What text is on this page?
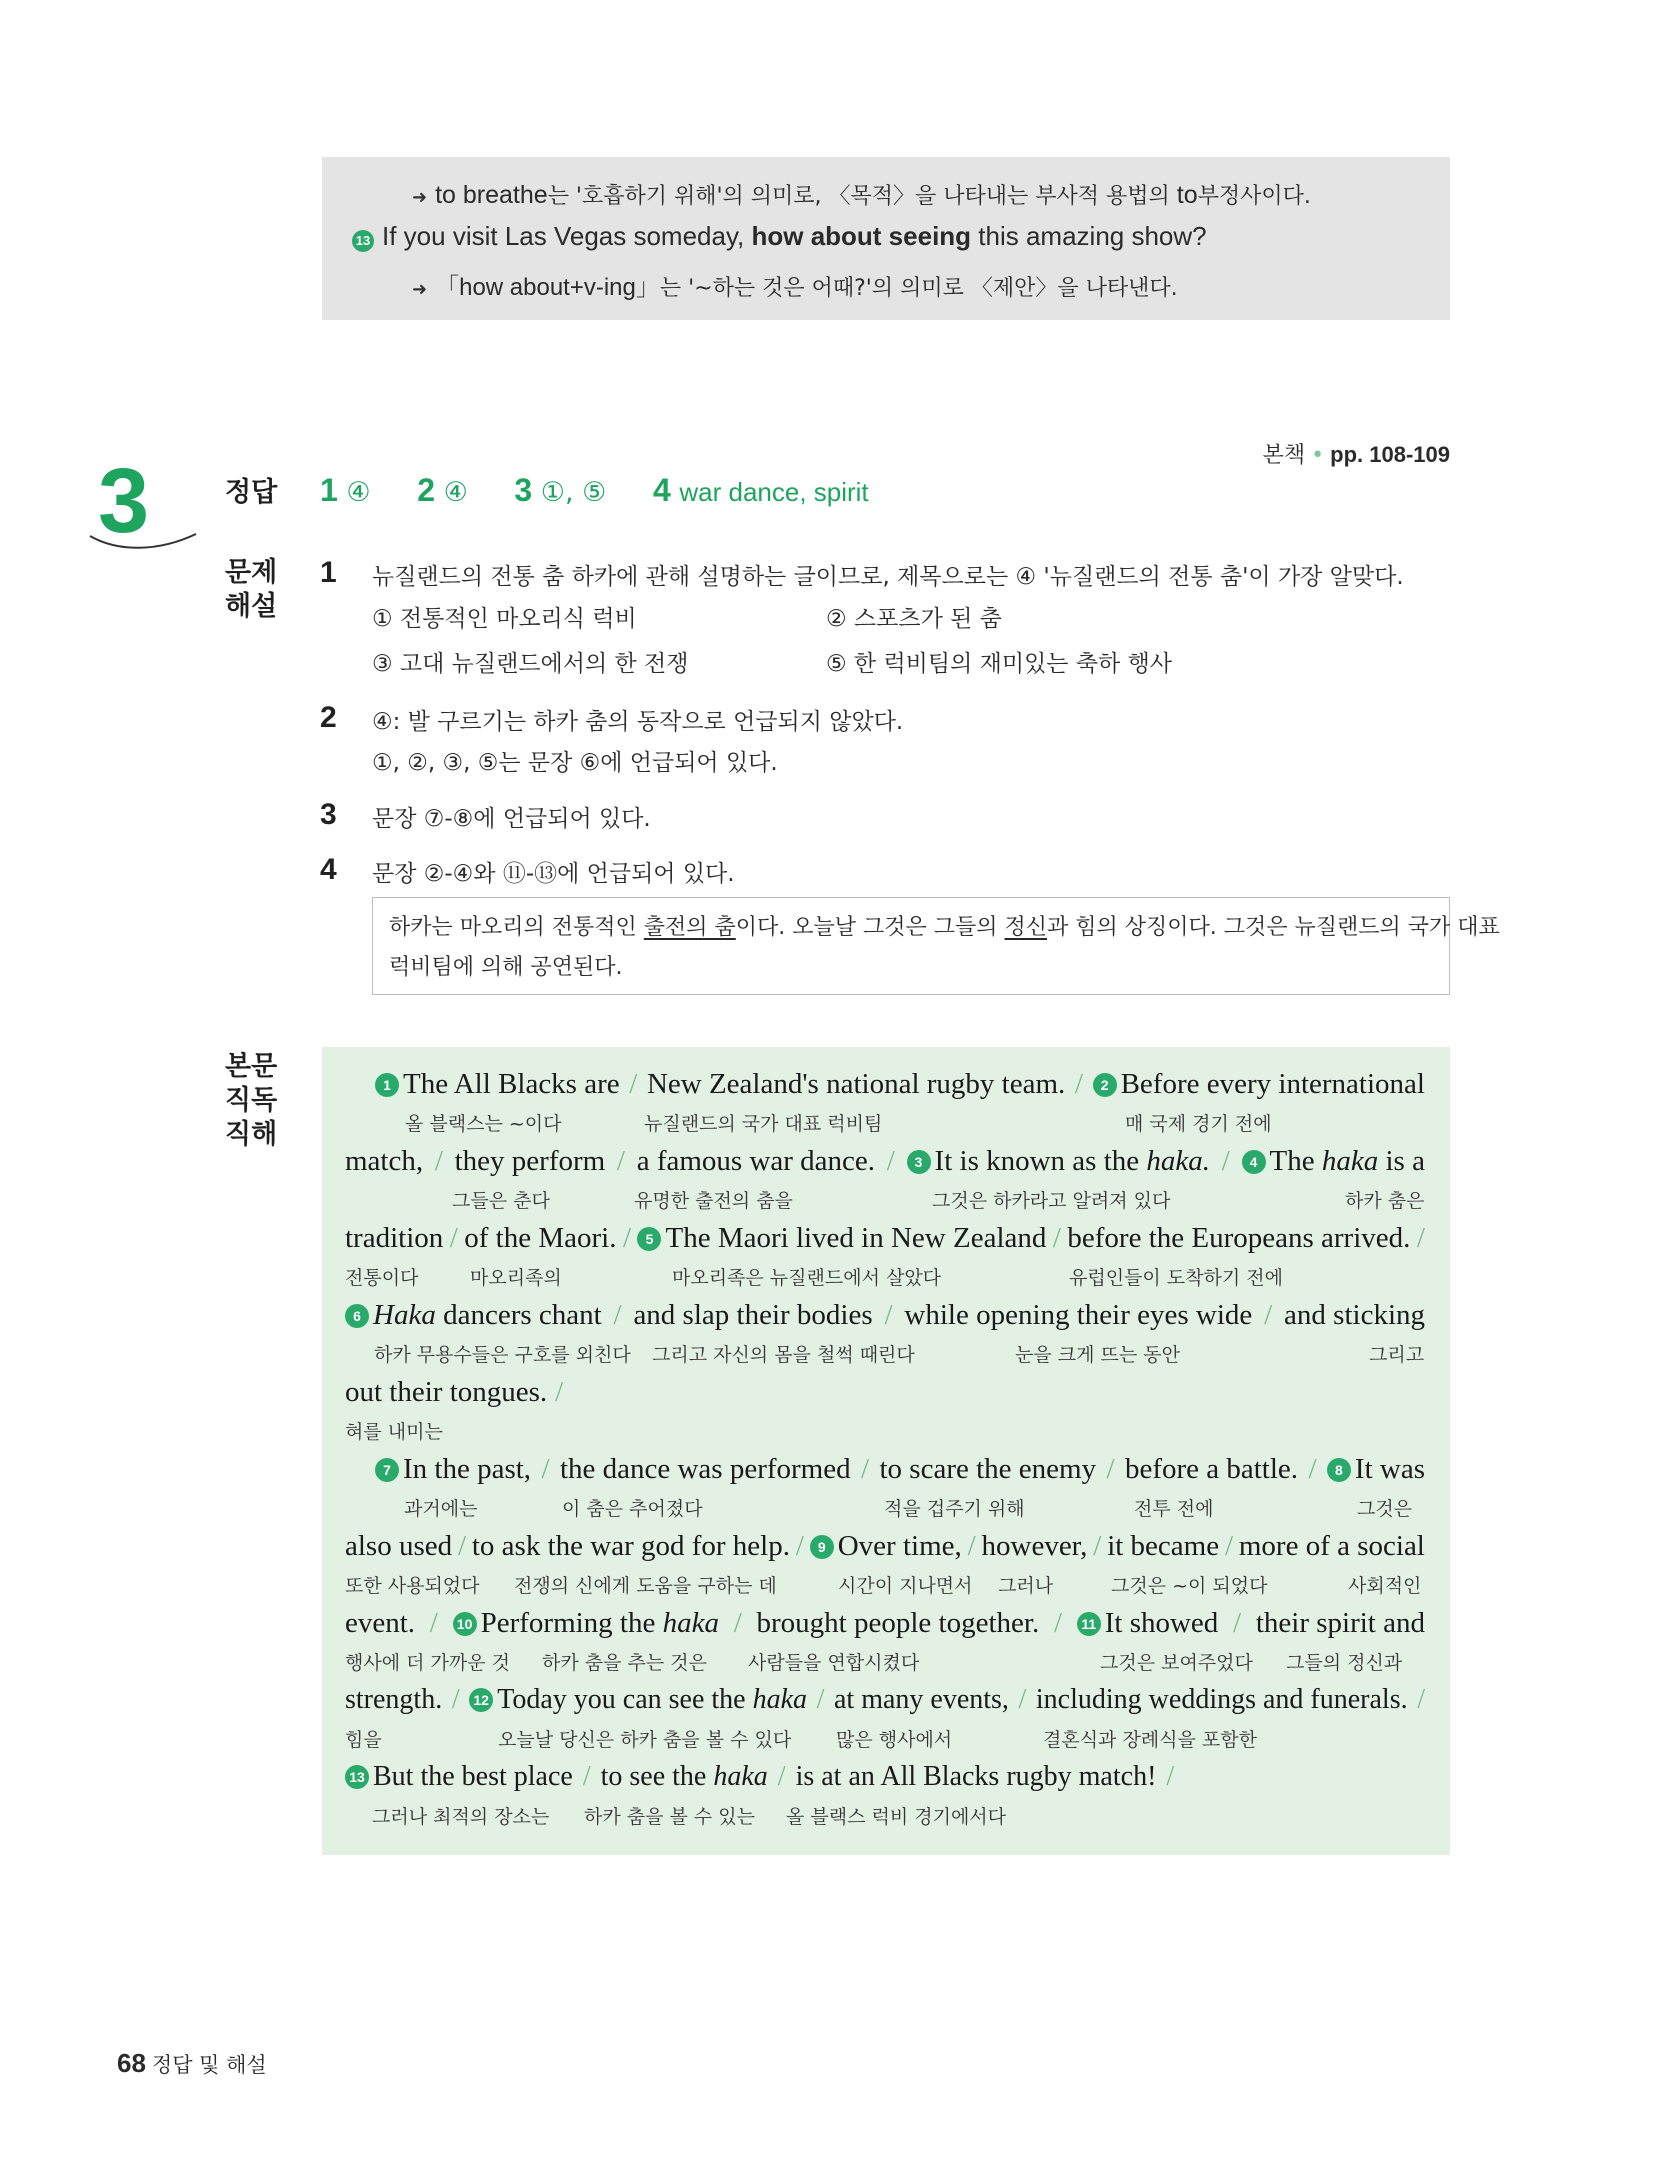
➜ to breathe는 '호흡하기 위해'의 의미로, 〈목적〉을 나타내는 부사적 용법의 to부정사이다.
13 If you visit Las Vegas someday, how about seeing this amazing show?
➜ 「how about+v-ing」는 '~하는 것은 어때?'의 의미로 〈제안〉을 나타낸다.
3	본책 • pp. 108-109
정답 1 ④ 2 ④ 3 ①, ⑤ 4 war dance, spirit
문제
해설
1 뉴질랜드의 전통 춤 하카에 관해 설명하는 글이므로, 제목으로는 ④ '뉴질랜드의 전통 춤'이 가장 알맞다.
① 전통적인 마오리식 럭비	② 스포츠가 된 춤
③ 고대 뉴질랜드에서의 한 전쟁	⑤ 한 럭비팀의 재미있는 축하 행사
2 ④: 발 구르기는 하카 춤의 동작으로 언급되지 않았다.
①, ②, ③, ⑤는 문장 ⑥에 언급되어 있다.
3 문장 ⑦-⑧에 언급되어 있다.
4 문장 ②-④와 ⑪-⑬에 언급되어 있다.
하카는 마오리의 전통적인 출전의 춤이다. 오늘날 그것은 그들의 정신과 힘의 상징이다. 그것은 뉴질랜드의 국가 대표
럭비팀에 의해 공연된다.
본문
직독
직해
1 The All Blacks are / New Zealand's national rugby team. /	2 Before every international
올 블랙스는 ~이다	뉴질랜드의 국가 대표 럭비팀	매 국제 경기 전에
match, / they perform / a famous war dance. /	3 It is known as the haka. /	4 The haka is a
그들은 춘다	유명한 출전의 춤을	그것은 하카라고 알려져 있다	하카 춤은
tradition / of the Maori. /	5 The Maori lived in New Zealand / before the Europeans arrived. /
전통이다	마오리족의	마오리족은 뉴질랜드에서 살았다	유럽인들이 도착하기 전에
6 Haka dancers chant / and slap their bodies / while opening their eyes wide / and sticking
하카 무용수들은 구호를 외친다 그리고 자신의 몸을 철썩 때린다	눈을 크게 뜨는 동안	그리고
out their tongues. /
혀를 내미는
7 In the past, / the dance was performed / to scare the enemy / before a battle. /	8 It was
과거에는	이 춤은 추어졌다	적을 겁주기 위해	전투 전에	그것은
also used / to ask the war god for help. / 9 Over time, / however, / it became / more of a social
또한 사용되었다 전쟁의 신에게 도움을 구하는 데	시간이 지나면서 그러나	그것은 ~이 되었다	사회적인
event. /	10 Performing the haka / brought people together. /	11 It showed / their spirit and
행사에 더 가까운 것 하카 춤을 추는 것은 사람들을 연합시켰다	그것은 보여주었다 그들의 정신과
strength. / 12 Today you can see the haka / at many events, / including weddings and funerals. /
힘을	오늘날 당신은 하카 춤을 볼 수 있다 많은 행사에서	결혼식과 장례식을 포함한
13 But the best place / to see the haka / is at an All Blacks rugby match! /
그러나 최적의 장소는 하카 춤을 볼 수 있는 올 블랙스 럭비 경기에서다
68 정답 및 해설
